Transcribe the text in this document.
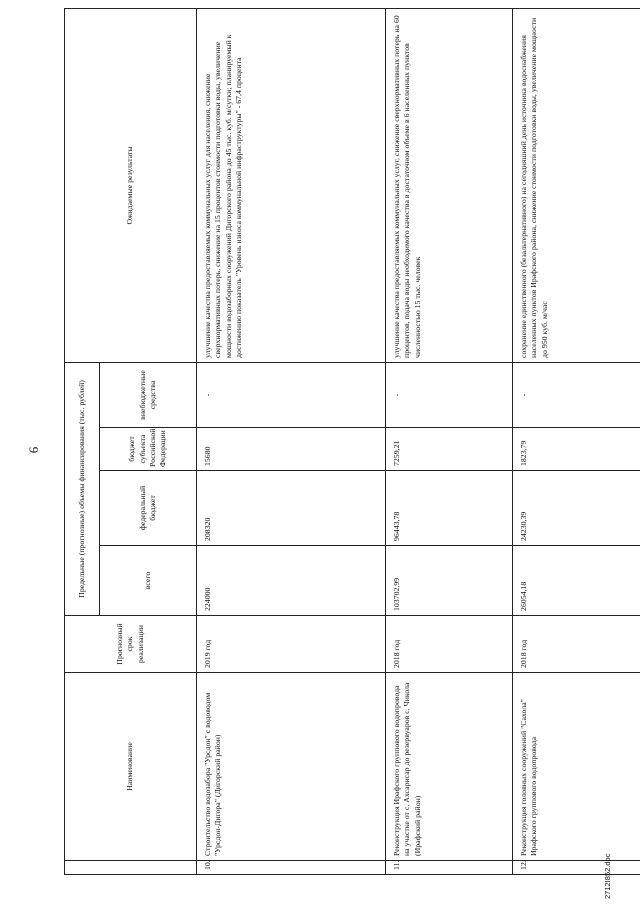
6
	Наименование	Прогнозный срок реализации	Предельные (прогнозные) объемы финансирования (тыс. рублей)				Ожидаемые результаты
			всего	федеральный бюджет	бюджет субъекта Российской Федерации	внебюджетные средства	
10.	Строительство водозабора "Урсдон" с водоводом "Урсдон-Дигора" (Дигорский район)	2019 год	224000	208320	15680	-	улучшение качества предоставляемых коммунальных услуг для населения, снижение сверхнормативных потерь, снижение на 15 процентов стоимости подготовки воды, увеличение мощности водозаборных сооружений Дигорского района до 45 тыс. куб. м/сутки; планируемый к достижению показатель "Уровень износа коммунальной инфраструктуры" - 67,4 процента
11.	Реконструкция Ирафского группового водопровода на участке от с. Ахсарисар до резервуаров с. Чикола (Ирафский район)	2018 год	103702,99	96443,78	7259,21	-	улучшение качества предоставляемых коммунальных услуг, снижение сверхнормативных потерь на 60 процентов, подача воды необходимого качества в достаточном объеме в 6 населенных пунктов численностью 15 тыс. человек
12.	Реконструкция головных сооружений "Сахола" Ирафского группового водопровода	2018 год	26054,18	24230,39	1823,79	-	сохранение единственного (безальтернативного) на сегодняшний день источника водоснабжения населенных пунктов Ирафского района, снижение стоимости подготовки воды, увеличение мощности до 950 куб. м/час
2712I852.doc
